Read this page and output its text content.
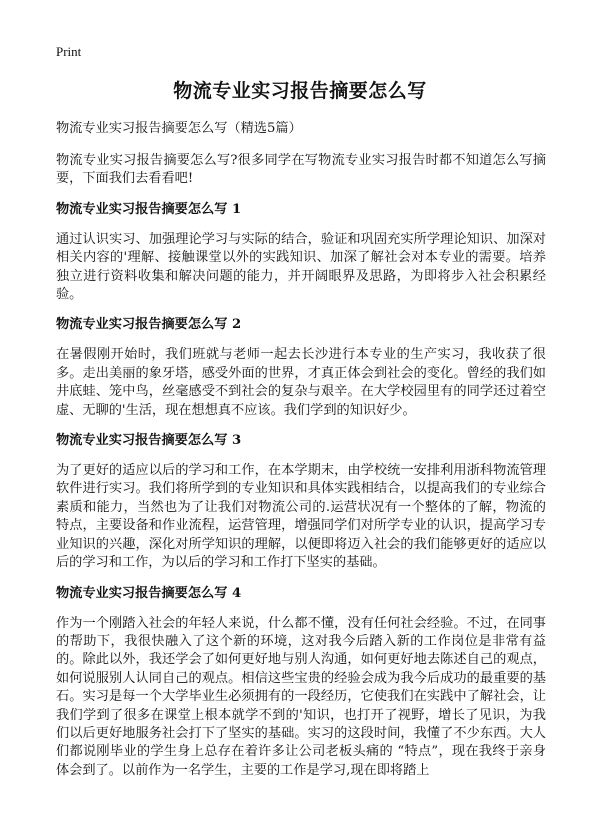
Print
物流专业实习报告摘要怎么写

物流专业实习报告摘要怎么写（精选5篇）

物流专业实习报告摘要怎么写?很多同学在写物流专业实习报告时都不知道怎么写摘要，下面我们去看看吧!

物流专业实习报告摘要怎么写 1

通过认识实习、加强理论学习与实际的结合，验证和巩固充实所学理论知识、加深对相关内容的'理解、接触课堂以外的实践知识、加深了解社会对本专业的需要。培养独立进行资料收集和解决问题的能力，并开阔眼界及思路，为即将步入社会积累经验。

物流专业实习报告摘要怎么写 2

在暑假刚开始时，我们班就与老师一起去长沙进行本专业的生产实习，我收获了很多。走出美丽的象牙塔，感受外面的世界，才真正体会到社会的变化。曾经的我们如井底蛙、笼中鸟，丝毫感受不到社会的复杂与艰辛。在大学校园里有的同学还过着空虚、无聊的'生活，现在想想真不应该。我们学到的知识好少。

物流专业实习报告摘要怎么写 3

为了更好的适应以后的学习和工作，在本学期末，由学校统一安排利用浙科物流管理软件进行实习。我们将所学到的专业知识和具体实践相结合，以提高我们的专业综合素质和能力，当然也为了让我们对物流公司的.运营状况有一个整体的了解，物流的特点，主要设备和作业流程，运营管理，增强同学们对所学专业的认识，提高学习专业知识的兴趣，深化对所学知识的理解，以便即将迈入社会的我们能够更好的适应以后的学习和工作，为以后的学习和工作打下坚实的基础。

物流专业实习报告摘要怎么写 4

作为一个刚踏入社会的年轻人来说，什么都不懂，没有任何社会经验。不过，在同事的帮助下，我很快融入了这个新的环境，这对我今后踏入新的工作岗位是非常有益的。除此以外，我还学会了如何更好地与别人沟通，如何更好地去陈述自己的观点，如何说服别人认同自己的观点。相信这些宝贵的经验会成为我今后成功的最重要的基石。实习是每一个大学毕业生必须拥有的一段经历，它使我们在实践中了解社会，让我们学到了很多在课堂上根本就学不到的'知识，也打开了视野，增长了见识，为我们以后更好地服务社会打下了坚实的基础。实习的这段时间，我懂了不少东西。大人们都说刚毕业的学生身上总存在着许多让公司老板头痛的 “特点”，现在我终于亲身体会到了。以前作为一名学生，主要的工作是学习,现在即将踏上
